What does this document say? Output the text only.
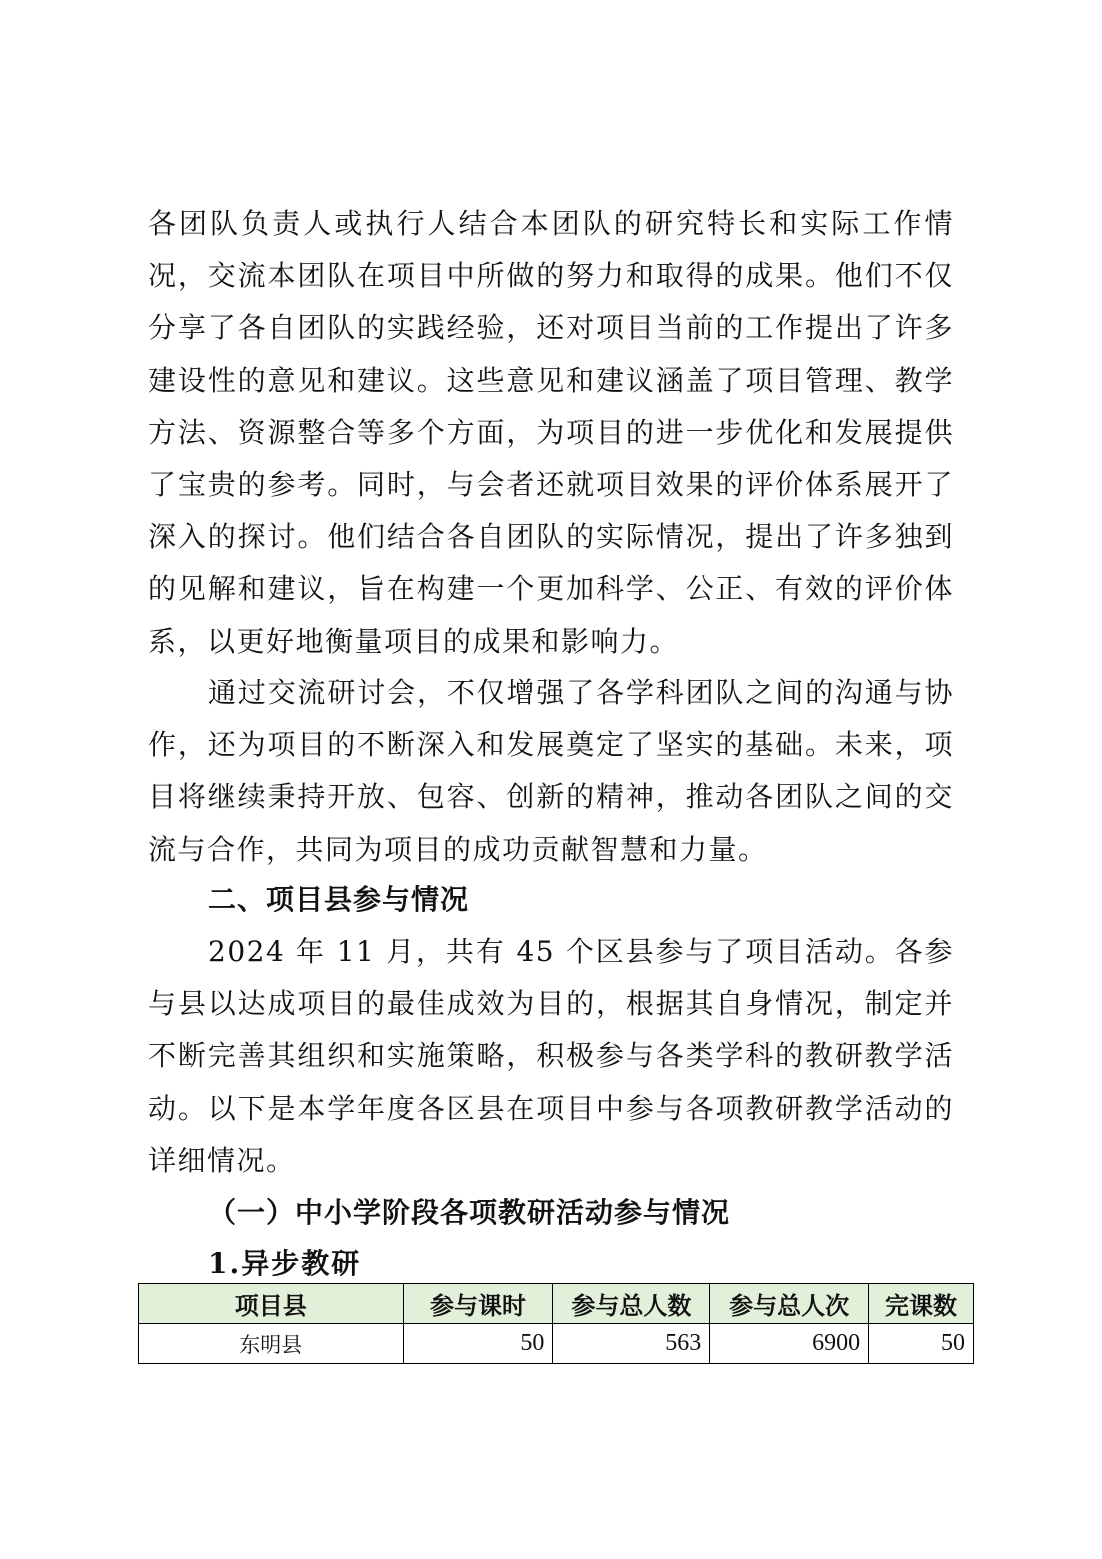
各团队负责人或执行人结合本团队的研究特长和实际工作情况，交流本团队在项目中所做的努力和取得的成果。他们不仅分享了各自团队的实践经验，还对项目当前的工作提出了许多建设性的意见和建议。这些意见和建议涵盖了项目管理、教学方法、资源整合等多个方面，为项目的进一步优化和发展提供了宝贵的参考。同时，与会者还就项目效果的评价体系展开了深入的探讨。他们结合各自团队的实际情况，提出了许多独到的见解和建议，旨在构建一个更加科学、公正、有效的评价体系，以更好地衡量项目的成果和影响力。

通过交流研讨会，不仅增强了各学科团队之间的沟通与协作，还为项目的不断深入和发展奠定了坚实的基础。未来，项目将继续秉持开放、包容、创新的精神，推动各团队之间的交流与合作，共同为项目的成功贡献智慧和力量。

二、项目县参与情况

2024 年 11 月，共有 45 个区县参与了项目活动。各参与县以达成项目的最佳成效为目的，根据其自身情况，制定并不断完善其组织和实施策略，积极参与各类学科的教研教学活动。以下是本学年度各区县在项目中参与各项教研教学活动的详细情况。

（一）中小学阶段各项教研活动参与情况
1.异步教研
项目县	参与课时	参与总人数	参与总人次	完课数
东明县	50	563	6900	50
